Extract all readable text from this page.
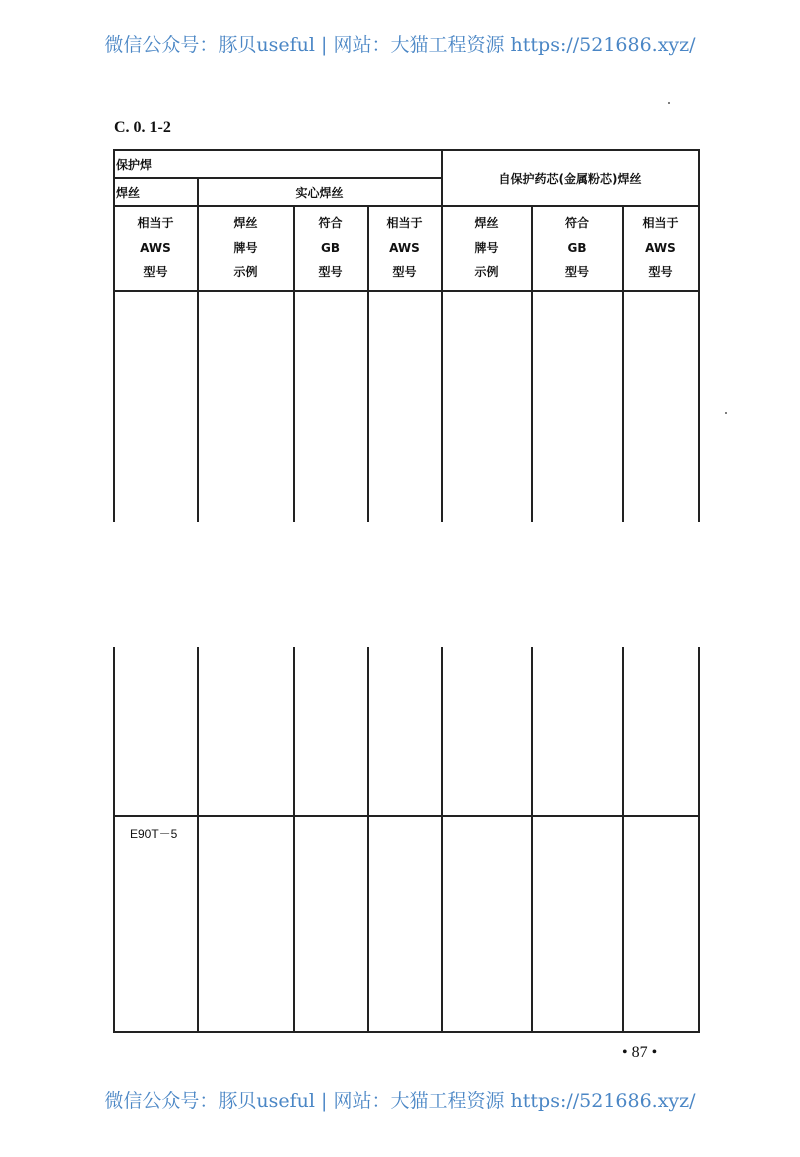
微信公众号：豚贝useful | 网站：大猫工程资源 https://521686.xyz/
C. 0. 1-2
保护焊
焊丝	实心焊丝
自保护药芯(金属粉芯)焊丝
相当于
AWS
型号
焊丝
牌号
示例
符合
GB
型号
相当于
AWS
型号
焊丝
牌号
示例
符合
GB
型号
相当于
AWS
型号
E90T－5
• 87 •
微信公众号：豚贝useful | 网站：大猫工程资源 https://521686.xyz/
